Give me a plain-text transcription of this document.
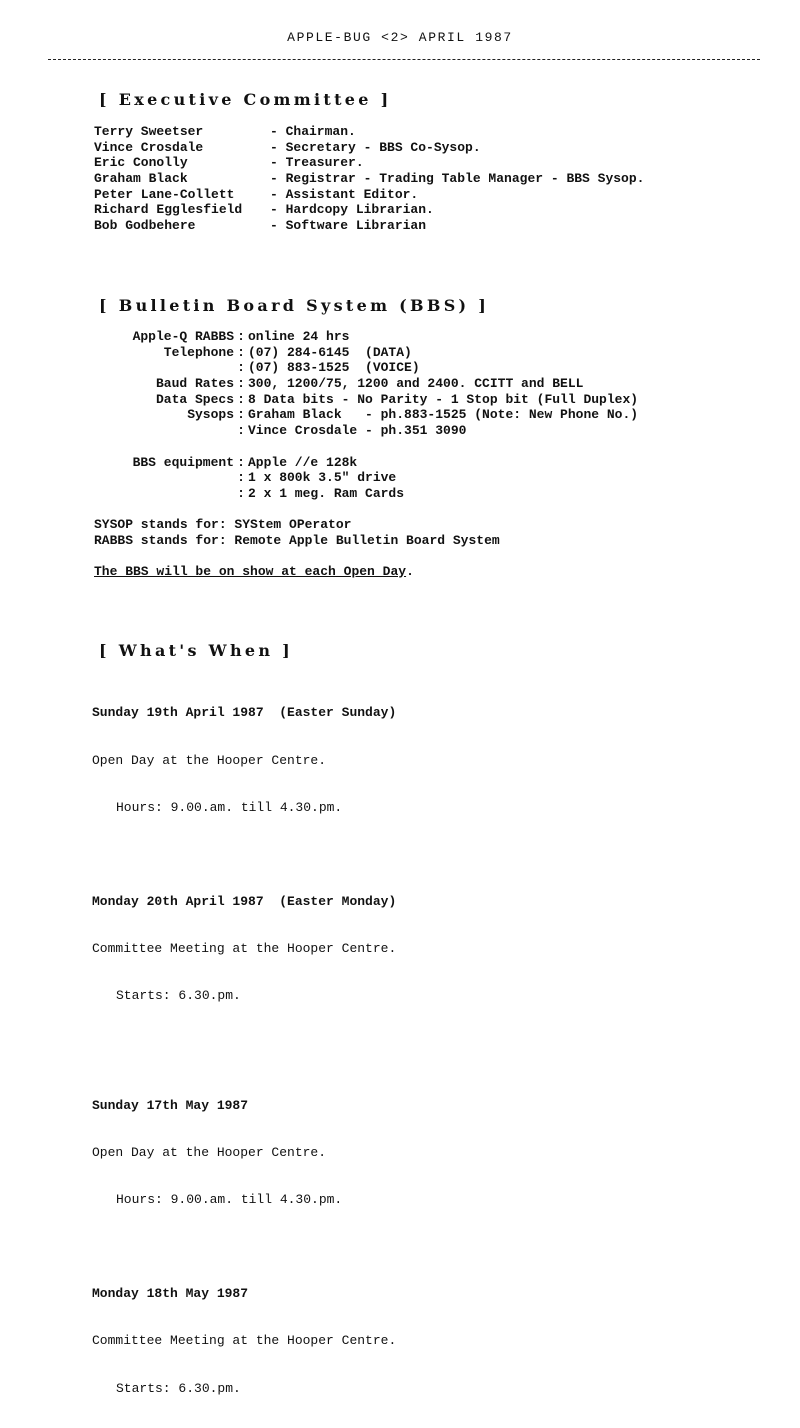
APPLE-BUG <2> APRIL 1987
[ Executive Committee ]
Terry Sweetser	- Chairman.
Vince Crosdale	- Secretary - BBS Co-Sysop.
Eric Conolly	- Treasurer.
Graham Black	- Registrar - Trading Table Manager - BBS Sysop.
Peter Lane-Collett	- Assistant Editor.
Richard Egglesfield - Hardcopy Librarian.
Bob Godbehere	- Software Librarian
[ Bulletin Board System (BBS) ]
Apple-Q RABBS : online 24 hrs
Telephone : (07) 284-6145  (DATA)
: (07) 883-1525  (VOICE)
Baud Rates : 300, 1200/75, 1200 and 2400. CCITT and BELL
Data Specs : 8 Data bits - No Parity - 1 Stop bit (Full Duplex)
Sysops : Graham Black   - ph.883-1525 (Note: New Phone No.)
: Vince Crosdale - ph.351 3090
BBS equipment : Apple //e 128k
: 1 x 800k 3.5" drive
: 2 x 1 meg. Ram Cards
SYSOP stands for: SYStem OPerator
RABBS stands for: Remote Apple Bulletin Board System
The BBS will be on show at each Open Day.
[ What's When ]

Sunday 19th April 1987  (Easter Sunday)

Open Day at the Hooper Centre.

Hours: 9.00.am. till 4.30.pm.

Monday 20th April 1987  (Easter Monday)

Committee Meeting at the Hooper Centre.

Starts: 6.30.pm.

Sunday 17th May 1987

Open Day at the Hooper Centre.

Hours: 9.00.am. till 4.30.pm.

Monday 18th May 1987

Committee Meeting at the Hooper Centre.

Starts: 6.30.pm.
